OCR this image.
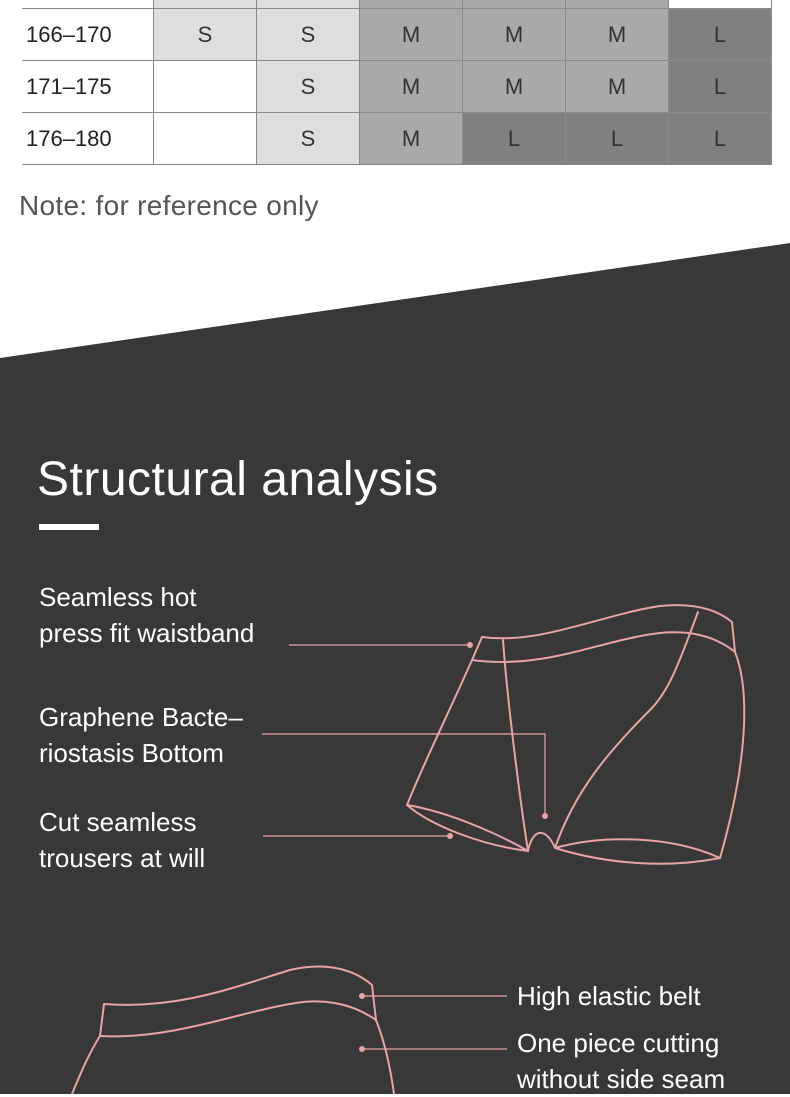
166–170	S	S	M	M	M	L
171–175		S	M	M	M	L
176–180		S	M	L	L	L
Note: for reference only
Structural analysis
Seamless hot
press fit waistband
Graphene Bacte–
riostasis Bottom
Cut seamless
trousers at will
High elastic belt
One piece cutting
without side seam
